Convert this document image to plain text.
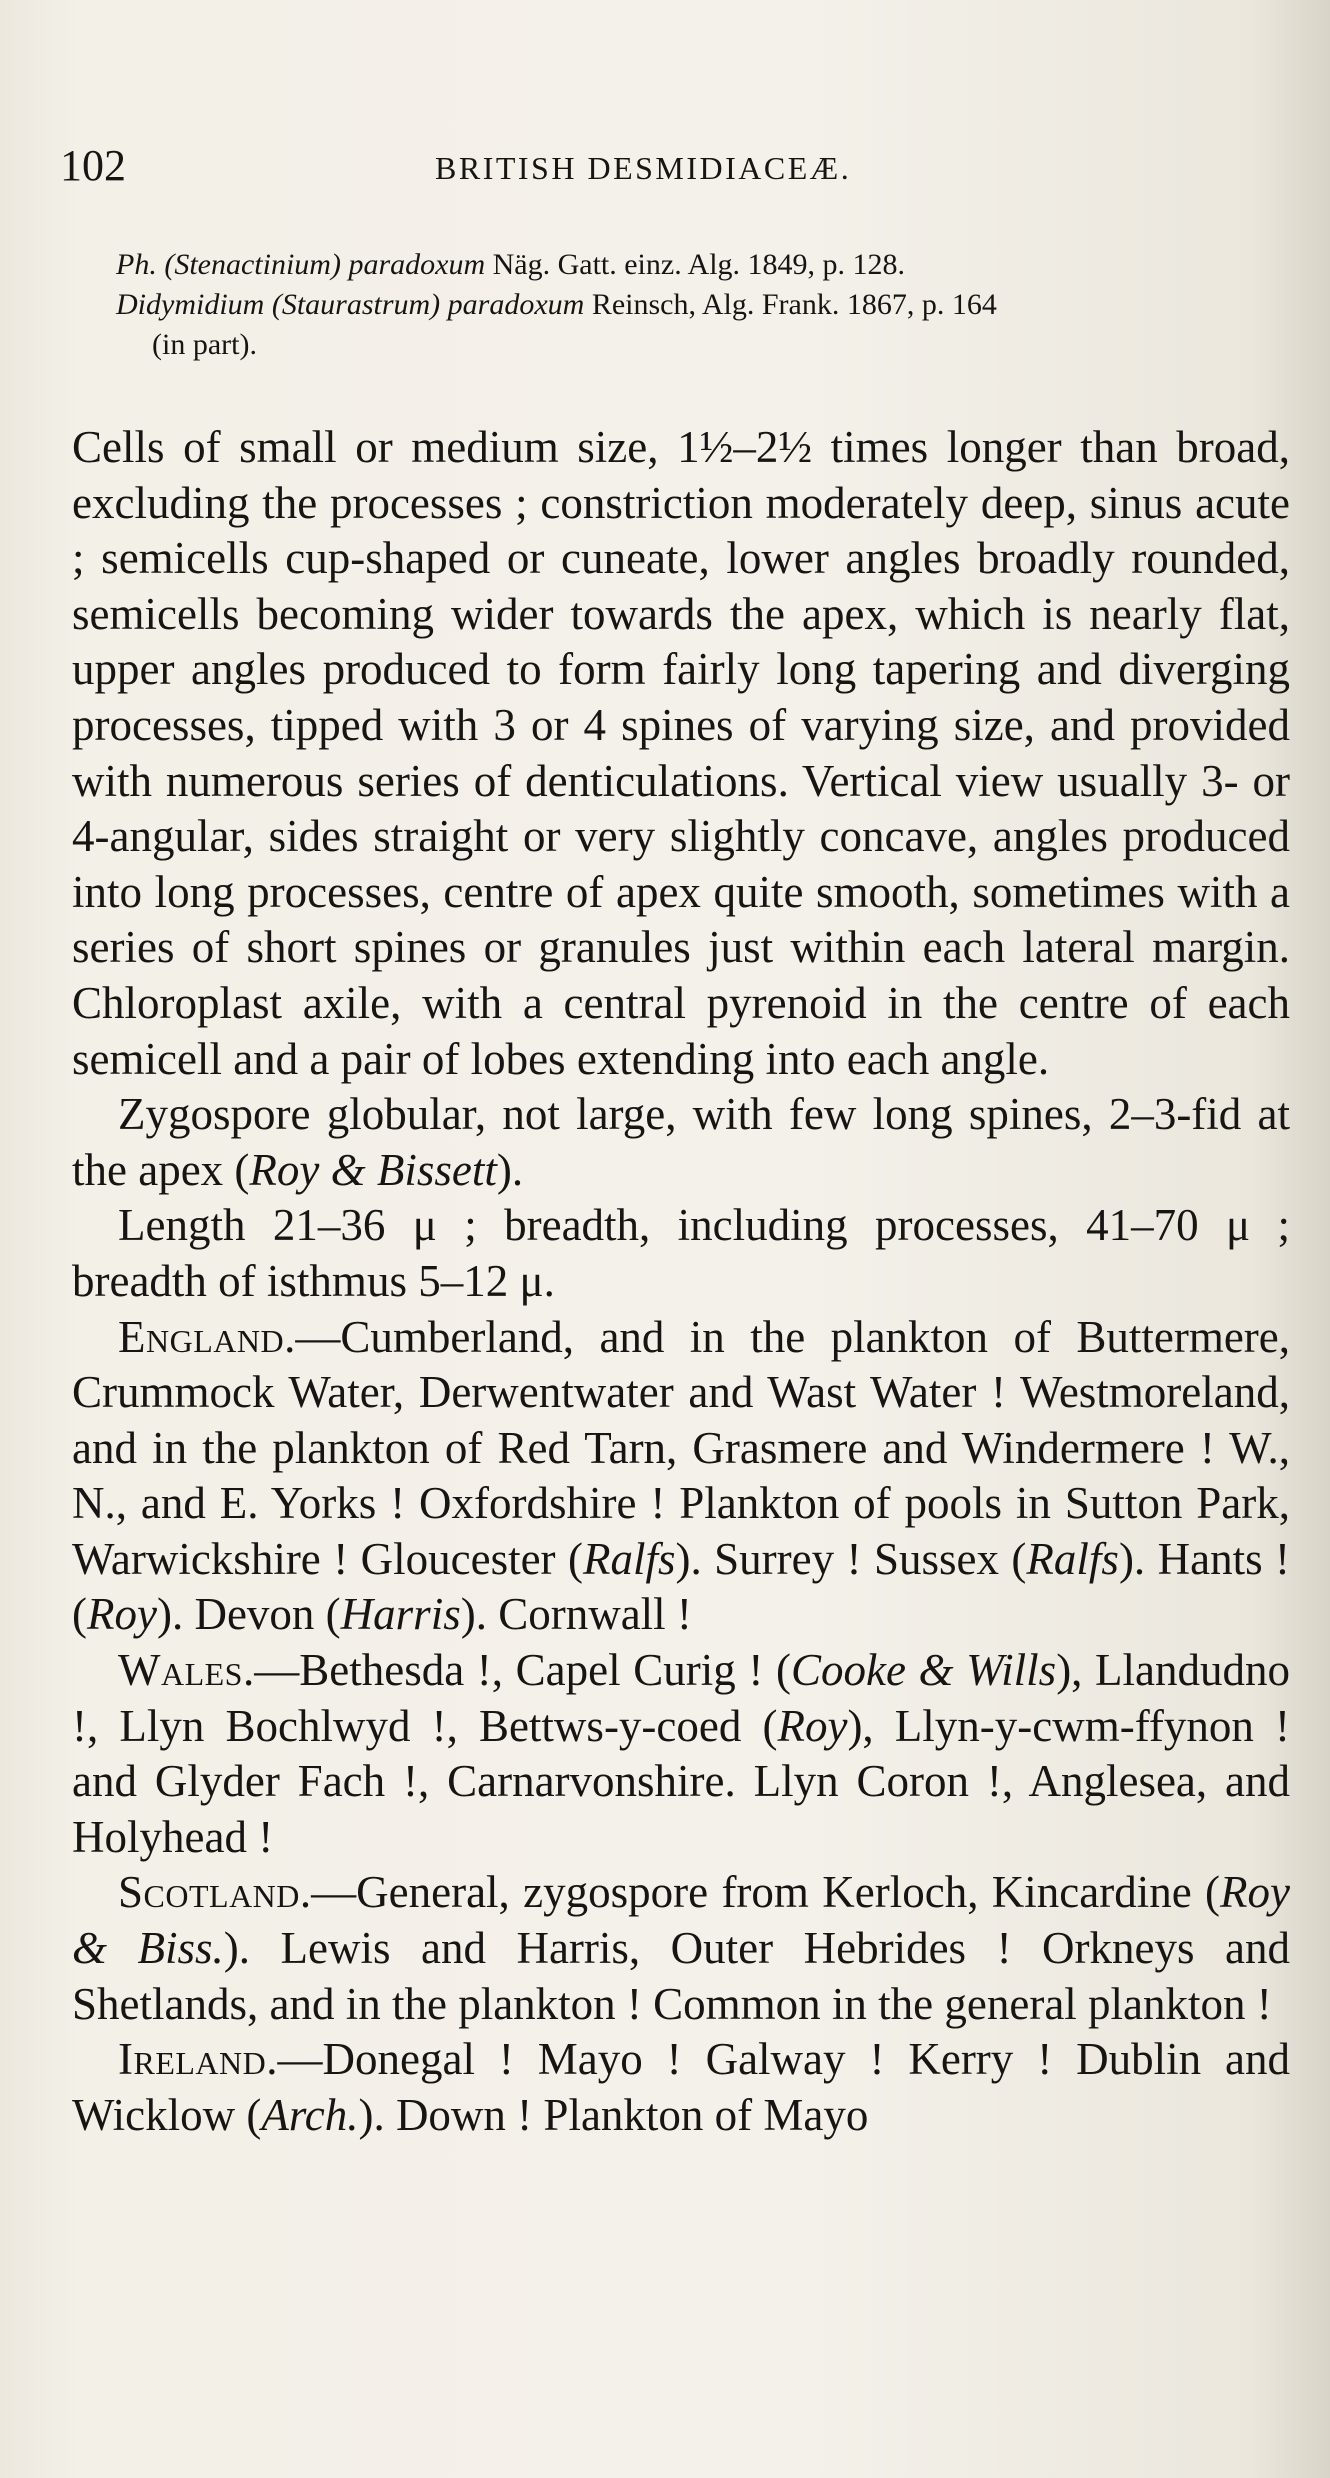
102	BRITISH DESMIDIACEÆ.
Ph. (Stenactinium) paradoxum Näg. Gatt. einz. Alg. 1849, p. 128.
Didymidium (Staurastrum) paradoxum Reinsch, Alg. Frank. 1867, p. 164
(in part).

Cells of small or medium size, 1½–2½ times longer than broad, excluding the processes ; constriction moderately deep, sinus acute ; semicells cup-shaped or cuneate, lower angles broadly rounded, semicells becoming wider towards the apex, which is nearly flat, upper angles produced to form fairly long tapering and diverging processes, tipped with 3 or 4 spines of varying size, and provided with numerous series of denticulations. Vertical view usually 3- or 4-angular, sides straight or very slightly concave, angles produced into long processes, centre of apex quite smooth, sometimes with a series of short spines or granules just within each lateral margin. Chloroplast axile, with a central pyrenoid in the centre of each semicell and a pair of lobes extending into each angle.

Zygospore globular, not large, with few long spines, 2–3-fid at the apex (Roy & Bissett).

Length 21–36 μ ; breadth, including processes, 41–70 μ ; breadth of isthmus 5–12 μ.

England.—Cumberland, and in the plankton of Buttermere, Crummock Water, Derwentwater and Wast Water ! Westmoreland, and in the plankton of Red Tarn, Grasmere and Windermere ! W., N., and E. Yorks ! Oxfordshire ! Plankton of pools in Sutton Park, Warwickshire ! Gloucester (Ralfs). Surrey ! Sussex (Ralfs). Hants ! (Roy). Devon (Harris). Cornwall !

Wales.—Bethesda !, Capel Curig ! (Cooke & Wills), Llandudno !, Llyn Bochlwyd !, Bettws-y-coed (Roy), Llyn-y-cwm-ffynon ! and Glyder Fach !, Carnarvonshire. Llyn Coron !, Anglesea, and Holyhead !

Scotland.—General, zygospore from Kerloch, Kincardine (Roy & Biss.). Lewis and Harris, Outer Hebrides ! Orkneys and Shetlands, and in the plankton ! Common in the general plankton !

Ireland.—Donegal ! Mayo ! Galway ! Kerry ! Dublin and Wicklow (Arch.). Down ! Plankton of Mayo
